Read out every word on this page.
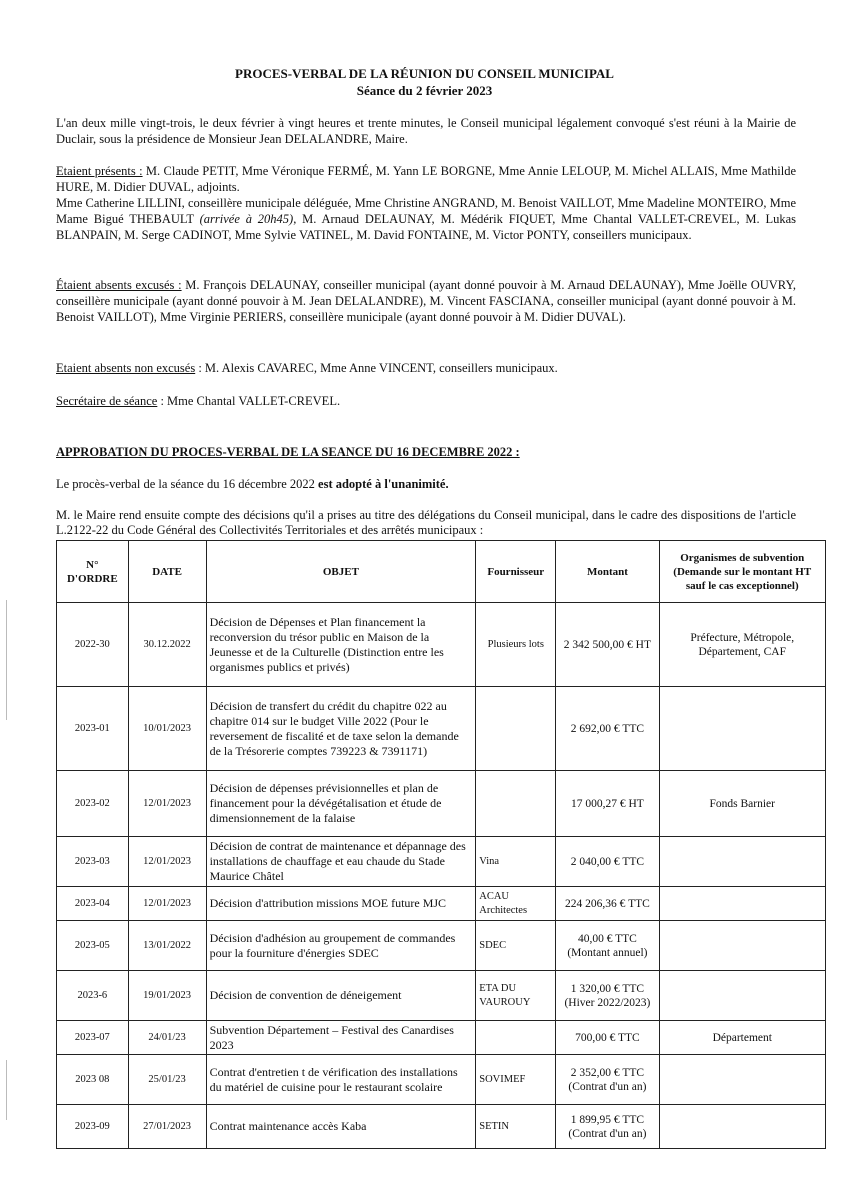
PROCES-VERBAL DE LA RÉUNION DU CONSEIL MUNICIPAL
Séance du 2 février 2023
L'an deux mille vingt-trois, le deux février à vingt heures et trente minutes, le Conseil municipal légalement convoqué s'est réuni à la Mairie de Duclair, sous la présidence de Monsieur Jean DELALANDRE, Maire.
Etaient présents : M. Claude PETIT, Mme Véronique FERMÉ, M. Yann LE BORGNE, Mme Annie LELOUP, M. Michel ALLAIS, Mme Mathilde HURE, M. Didier DUVAL, adjoints.
Mme Catherine LILLINI, conseillère municipale déléguée, Mme Christine ANGRAND, M. Benoist VAILLOT, Mme Madeline MONTEIRO, Mme Mame Bigué THEBAULT (arrivée à 20h45), M. Arnaud DELAUNAY, M. Médérik FIQUET, Mme Chantal VALLET-CREVEL, M. Lukas BLANPAIN, M. Serge CADINOT, Mme Sylvie VATINEL, M. David FONTAINE, M. Victor PONTY, conseillers municipaux.
Étaient absents excusés : M. François DELAUNAY, conseiller municipal (ayant donné pouvoir à M. Arnaud DELAUNAY), Mme Joëlle OUVRY, conseillère municipale (ayant donné pouvoir à M. Jean DELALANDRE), M. Vincent FASCIANA, conseiller municipal (ayant donné pouvoir à M. Benoist VAILLOT), Mme Virginie PERIERS, conseillère municipale (ayant donné pouvoir à M. Didier DUVAL).
Etaient absents non excusés : M. Alexis CAVAREC, Mme Anne VINCENT, conseillers municipaux.
Secrétaire de séance : Mme Chantal VALLET-CREVEL.
APPROBATION DU PROCES-VERBAL DE LA SEANCE DU 16 DECEMBRE 2022 :
Le procès-verbal de la séance du 16 décembre 2022 est adopté à l'unanimité.
M. le Maire rend ensuite compte des décisions qu'il a prises au titre des délégations du Conseil municipal, dans le cadre des dispositions de l'article L.2122-22 du Code Général des Collectivités Territoriales et des arrêtés municipaux :
N° D'ORDRE	DATE	OBJET	Fournisseur	Montant	Organismes de subvention (Demande sur le montant HT sauf le cas exceptionnel)
2022-30	30.12.2022	Décision de Dépenses et Plan financement la reconversion du trésor public en Maison de la Jeunesse et de la Culturelle (Distinction entre les organismes publics et privés)	Plusieurs lots	2 342 500,00 € HT	Préfecture, Métropole, Département, CAF
2023-01	10/01/2023	Décision de transfert du crédit du chapitre 022 au chapitre 014 sur le budget Ville 2022 (Pour le reversement de fiscalité et de taxe selon la demande de la Trésorerie comptes 739223 & 7391171)		2 692,00 € TTC	
2023-02	12/01/2023	Décision de dépenses prévisionnelles et plan de financement pour la dévégétalisation et étude de dimensionnement de la falaise		17 000,27 € HT	Fonds Barnier
2023-03	12/01/2023	Décision de contrat de maintenance et dépannage des installations de chauffage et eau chaude du Stade Maurice Châtel	Vina	2 040,00 € TTC	
2023-04	12/01/2023	Décision d'attribution missions MOE future MJC	ACAU Architectes	224 206,36 € TTC	
2023-05	13/01/2022	Décision d'adhésion au groupement de commandes pour la fourniture d'énergies SDEC	SDEC	40,00 € TTC (Montant annuel)	
2023-6	19/01/2023	Décision de convention de déneigement	ETA DU VAUROUY	1 320,00 € TTC (Hiver 2022/2023)	
2023-07	24/01/23	Subvention Département – Festival des Canardises 2023		700,00 € TTC	Département
2023 08	25/01/23	Contrat d'entretien t de vérification des installations du matériel de cuisine pour le restaurant scolaire	SOVIMEF	2 352,00 € TTC (Contrat d'un an)	
2023-09	27/01/2023	Contrat maintenance accès Kaba	SETIN	1 899,95 € TTC (Contrat d'un an)	
